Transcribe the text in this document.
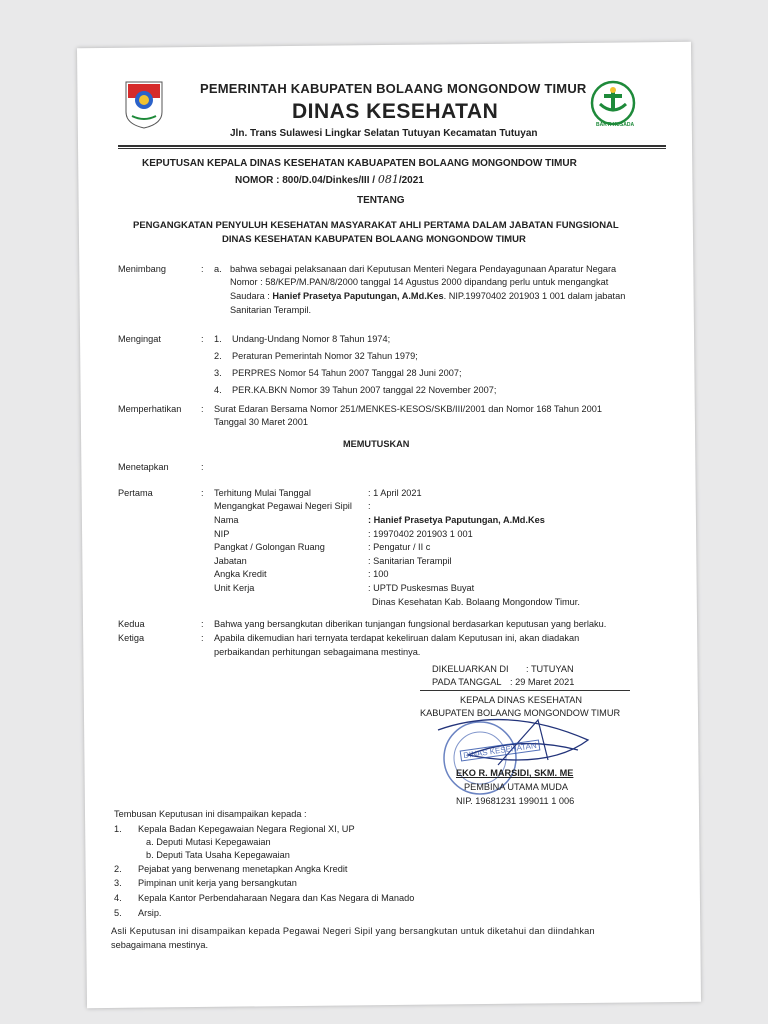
BAKTI HUSADA
PEMERINTAH KABUPATEN BOLAANG MONGONDOW TIMUR
DINAS KESEHATAN
Jln. Trans Sulawesi Lingkar Selatan Tutuyan Kecamatan Tutuyan
KEPUTUSAN KEPALA DINAS KESEHATAN KABUAPATEN BOLAANG MONGONDOW TIMUR
NOMOR : 800/D.04/Dinkes/III / 081/2021
TENTANG
PENGANGKATAN PENYULUH KESEHATAN MASYARAKAT AHLI PERTAMA DALAM JABATAN FUNGSIONAL
DINAS KESEHATAN KABUPATEN BOLAANG MONGONDOW TIMUR
Menimbang	: a. bahwa sebagai pelaksanaan dari Keputusan Menteri Negara Pendayagunaan Aparatur Negara
Nomor : 58/KEP/M.PAN/8/2000 tanggal 14 Agustus 2000 dipandang perlu untuk mengangkat
Saudara : Hanief Prasetya Paputungan, A.Md.Kes. NIP.19970402 201903 1 001 dalam jabatan
Sanitarian Terampil.
Mengingat	: 1. Undang-Undang Nomor 8 Tahun 1974;
2. Peraturan Pemerintah Nomor 32 Tahun 1979;
3. PERPRES Nomor 54 Tahun 2007 Tanggal 28 Juni 2007;
4. PER.KA.BKN Nomor 39 Tahun 2007 tanggal 22 November 2007;
Memperhatikan : Surat Edaran Bersama Nomor 251/MENKES-KESOS/SKB/III/2001 dan Nomor 168 Tahun 2001
Tanggal 30 Maret 2001
MEMUTUSKAN
Menetapkan	:
Pertama	: Terhitung Mulai Tanggal	: 1 April 2021
Mengangkat Pegawai Negeri Sipil :
Nama	: Hanief Prasetya Paputungan, A.Md.Kes
NIP	: 19970402 201903 1 001
Pangkat / Golongan Ruang	: Pengatur / II c
Jabatan	: Sanitarian Terampil
Angka Kredit	: 100
Unit Kerja	: UPTD Puskesmas Buyat
Dinas Kesehatan Kab. Bolaang Mongondow Timur.
Kedua	: Bahwa yang bersangkutan diberikan tunjangan fungsional berdasarkan keputusan yang berlaku.
Ketiga	: Apabila dikemudian hari ternyata terdapat kekeliruan dalam Keputusan ini, akan diadakan
perbaikandan perhitungan sebagaimana mestinya.
DIKELUARKAN DI : TUTUYAN
PADA TANGGAL : 29 Maret 2021
KEPALA DINAS KESEHATAN
KABUPATEN BOLAANG MONGONDOW TIMUR
DINAS KESEHATAN
EKO R. MARSIDI, SKM. ME
PEMBINA UTAMA MUDA
NIP. 19681231 199011 1 006
Tembusan Keputusan ini disampaikan kepada :
1. Kepala Badan Kepegawaian Negara Regional XI, UP
a. Deputi Mutasi Kepegawaian
b. Deputi Tata Usaha Kepegawaian
2. Pejabat yang berwenang menetapkan Angka Kredit
3. Pimpinan unit kerja yang bersangkutan
4. Kepala Kantor Perbendaharaan Negara dan Kas Negara di Manado
5. Arsip.
Asli Keputusan ini disampaikan kepada Pegawai Negeri Sipil yang bersangkutan untuk diketahui dan diindahkan
sebagaimana mestinya.
